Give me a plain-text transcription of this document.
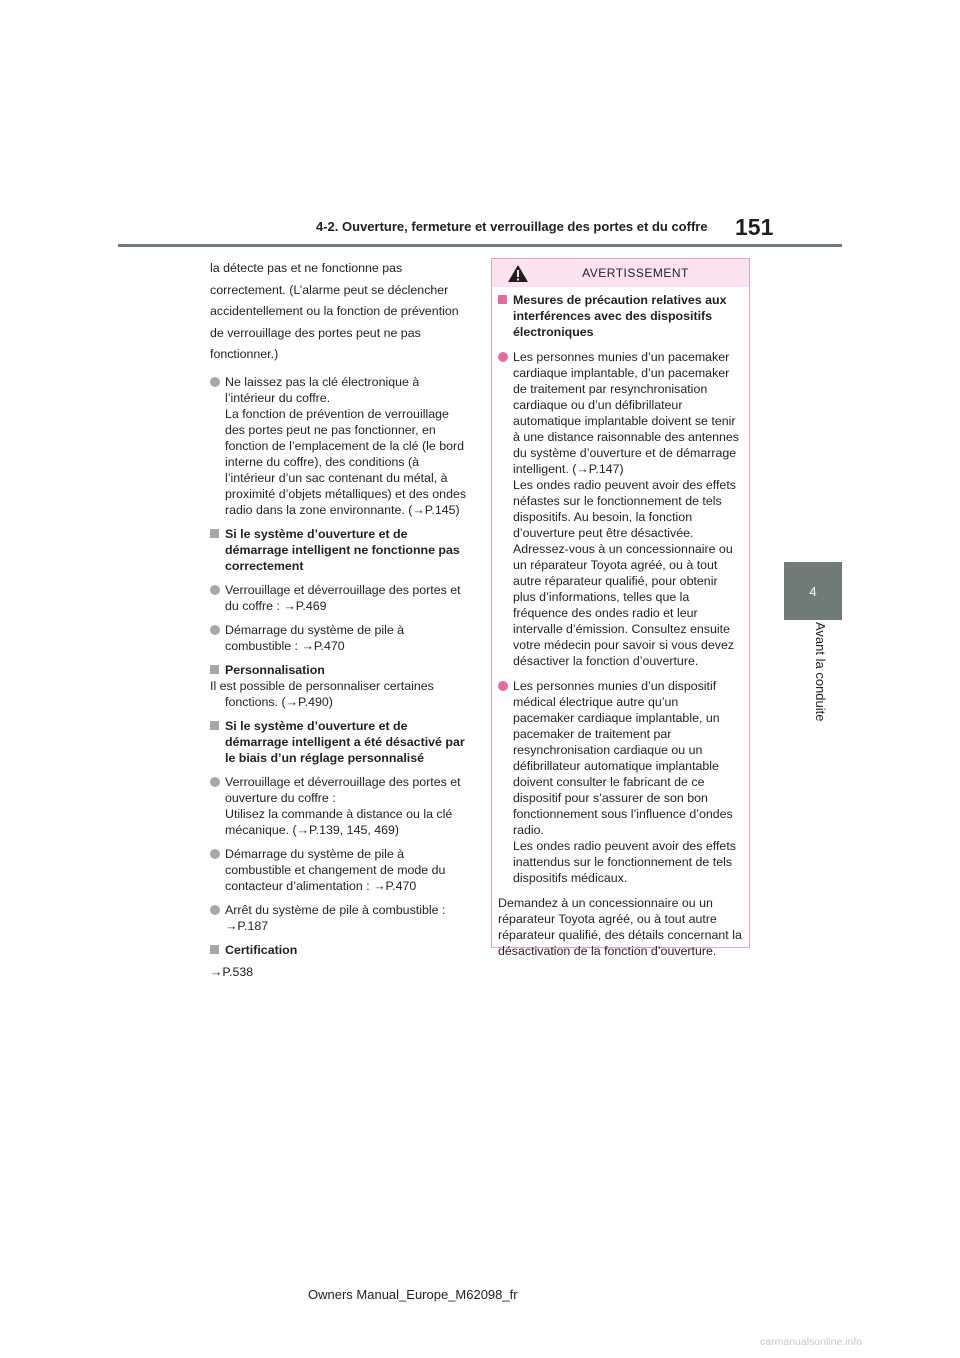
4-2. Ouverture, fermeture et verrouillage des portes et du coffre 151
4
Avant la conduite

la détecte pas et ne fonctionne pas correctement. (L’alarme peut se déclencher accidentellement ou la fonction de prévention de verrouillage des portes peut ne pas fonctionner.)

Ne laissez pas la clé électronique à l’intérieur du coffre.
La fonction de prévention de verrouillage des portes peut ne pas fonctionner, en fonction de l’emplacement de la clé (le bord interne du coffre), des conditions (à l’intérieur d’un sac contenant du métal, à proximité d’objets métalliques) et des ondes radio dans la zone environnante. (→P.145)

Si le système d’ouverture et de démarrage intelligent ne fonctionne pas correctement

Verrouillage et déverrouillage des portes et du coffre : →P.469

Démarrage du système de pile à combustible : →P.470

Personnalisation
Il est possible de personnaliser certaines fonctions. (→P.490)

Si le système d’ouverture et de démarrage intelligent a été désactivé par le biais d’un réglage personnalisé

Verrouillage et déverrouillage des portes et ouverture du coffre :
Utilisez la commande à distance ou la clé mécanique. (→P.139, 145, 469)

Démarrage du système de pile à combustible et changement de mode du contacteur d’alimentation : →P.470

Arrêt du système de pile à combustible : →P.187

Certification
→P.538

AVERTISSEMENT

Mesures de précaution relatives aux interférences avec des dispositifs électroniques

Les personnes munies d’un pacemaker cardiaque implantable, d’un pacemaker de traitement par resynchronisation cardiaque ou d’un défibrillateur automatique implantable doivent se tenir à une distance raisonnable des antennes du système d’ouverture et de démarrage intelligent. (→P.147)
Les ondes radio peuvent avoir des effets néfastes sur le fonctionnement de tels dispositifs. Au besoin, la fonction d’ouverture peut être désactivée. Adressez-vous à un concessionnaire ou un réparateur Toyota agréé, ou à tout autre réparateur qualifié, pour obtenir plus d’informations, telles que la fréquence des ondes radio et leur intervalle d’émission. Consultez ensuite votre médecin pour savoir si vous devez désactiver la fonction d’ouverture.

Les personnes munies d’un dispositif médical électrique autre qu’un pacemaker cardiaque implantable, un pacemaker de traitement par resynchronisation cardiaque ou un défibrillateur automatique implantable doivent consulter le fabricant de ce dispositif pour s’assurer de son bon fonctionnement sous l’influence d’ondes radio.
Les ondes radio peuvent avoir des effets inattendus sur le fonctionnement de tels dispositifs médicaux.

Demandez à un concessionnaire ou un réparateur Toyota agréé, ou à tout autre réparateur qualifié, des détails concernant la désactivation de la fonction d’ouverture.

Owners Manual_Europe_M62098_fr
carmanualsonline.info
